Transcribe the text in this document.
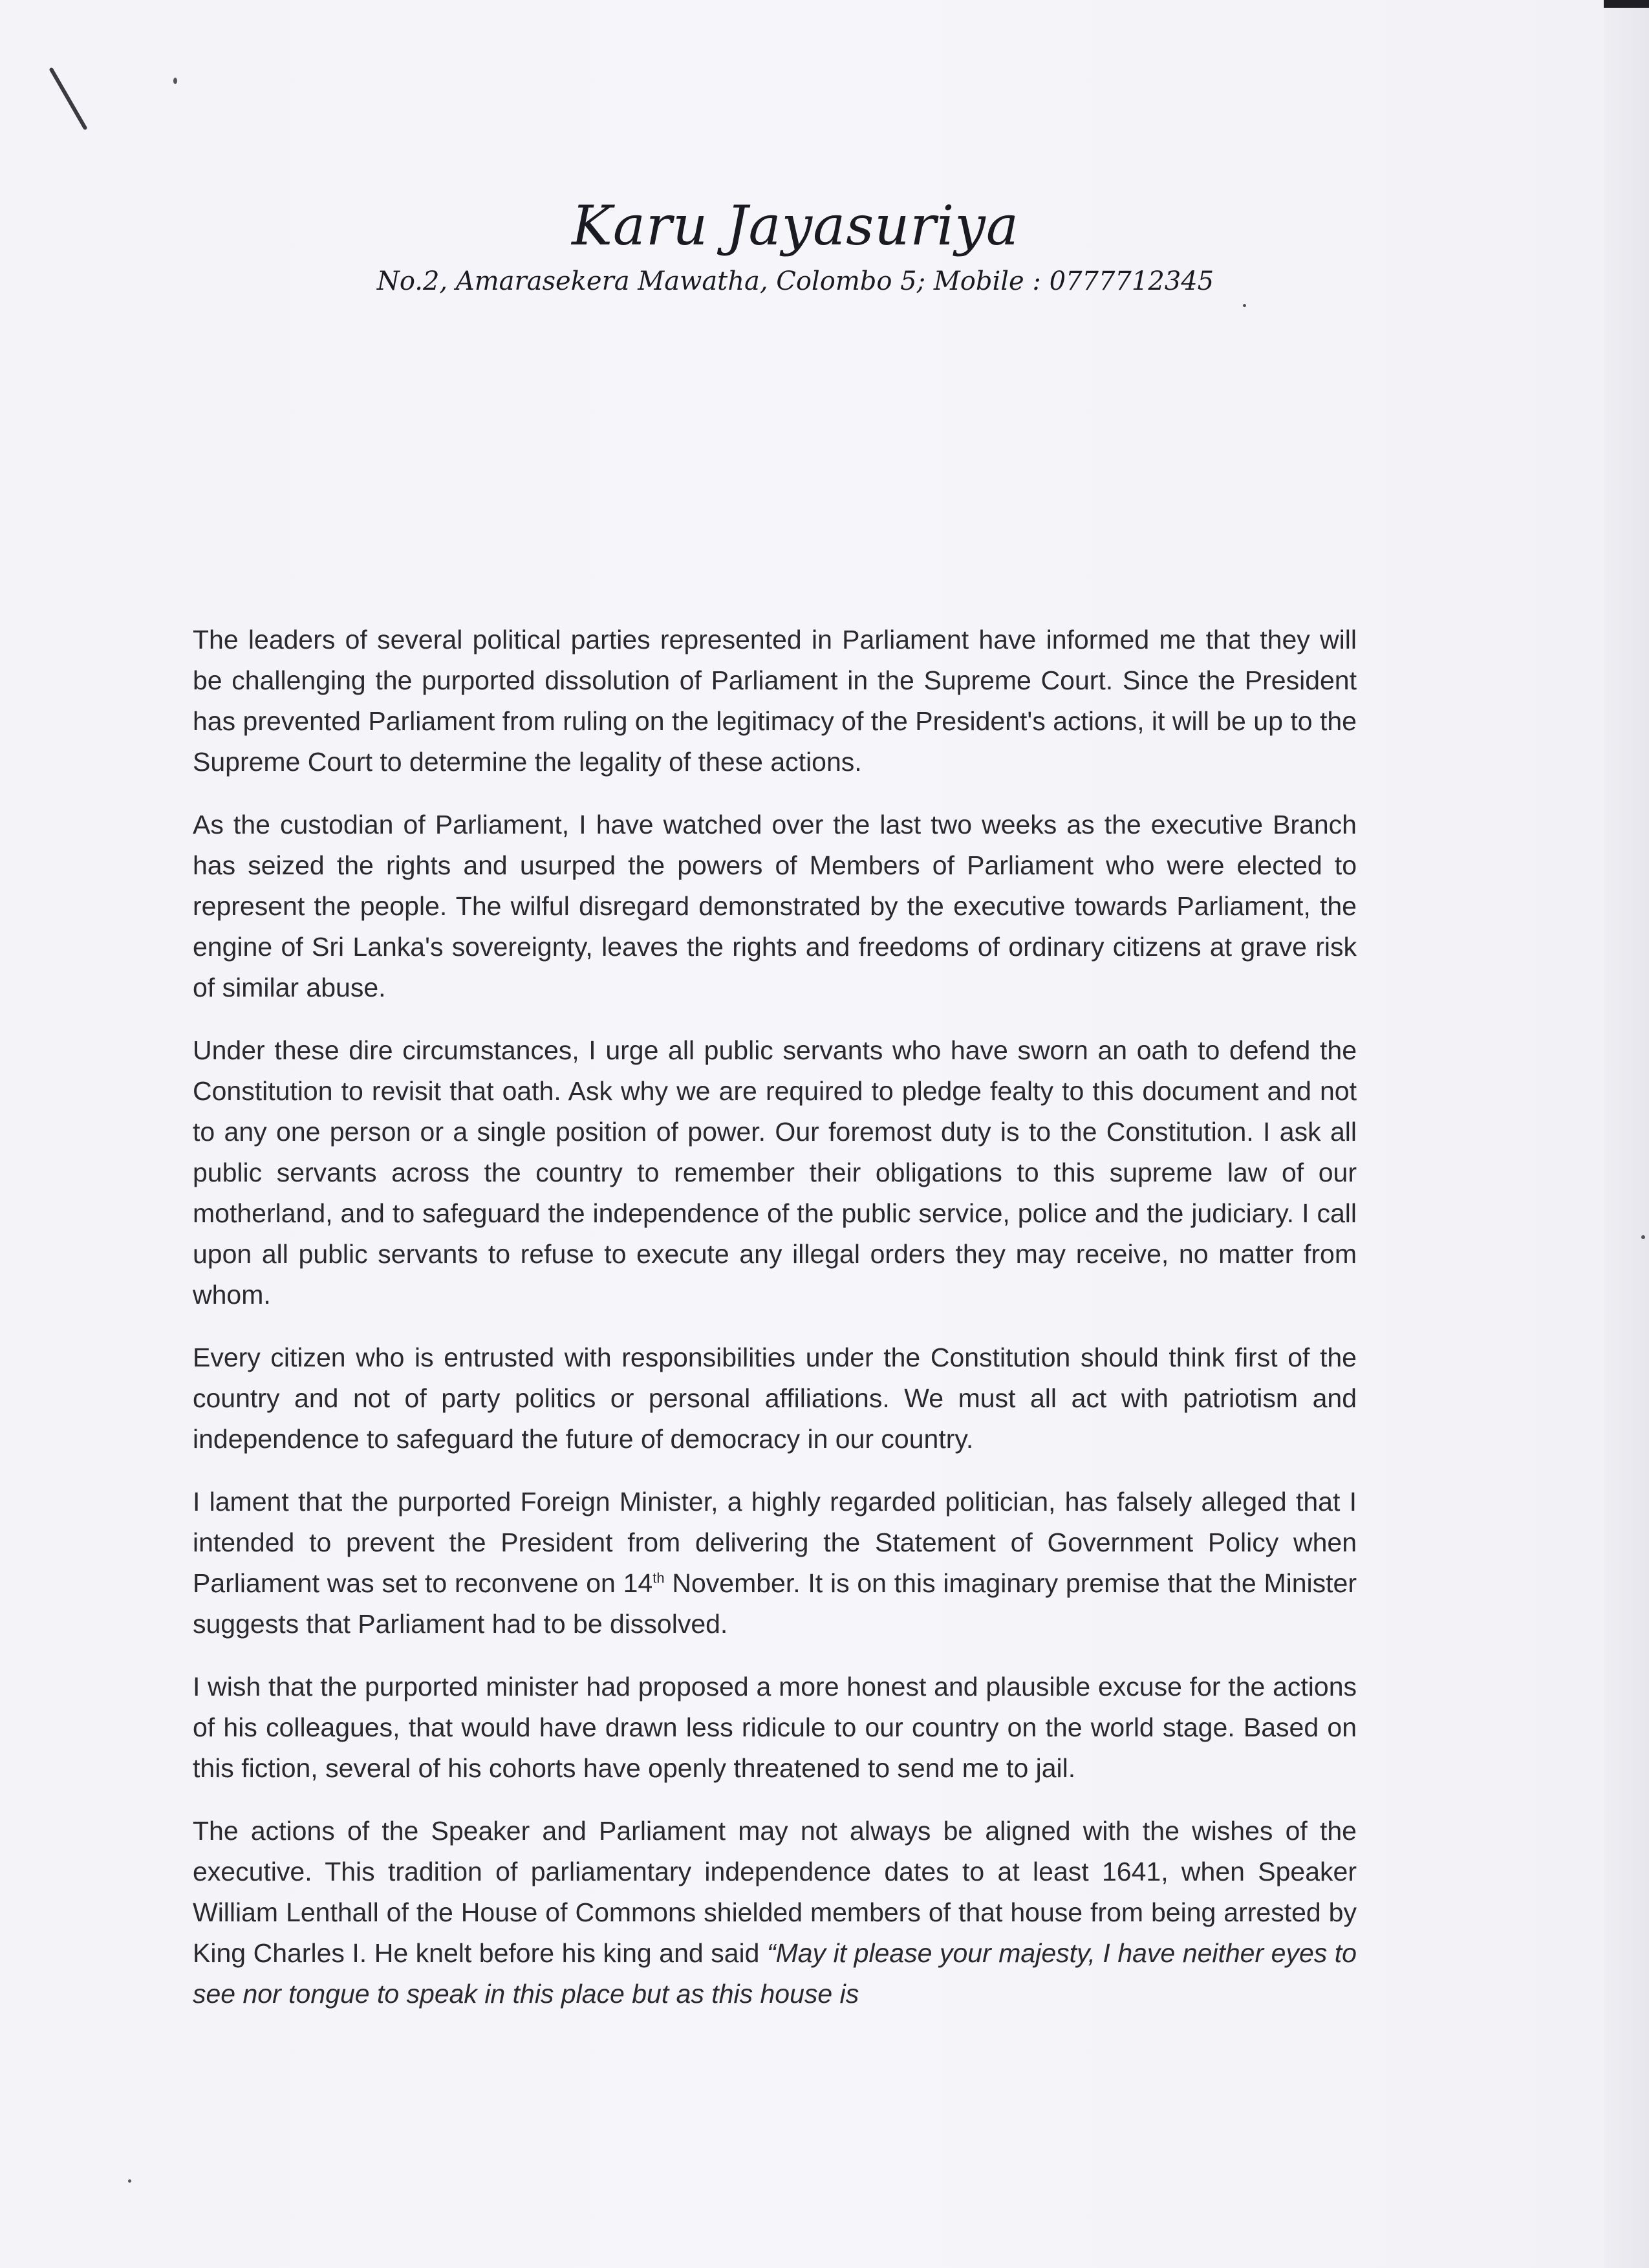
Karu Jayasuriya
No.2, Amarasekera Mawatha, Colombo 5; Mobile : 0777712345

The leaders of several political parties represented in Parliament have informed me that they will be challenging the purported dissolution of Parliament in the Supreme Court. Since the President has prevented Parliament from ruling on the legitimacy of the President's actions, it will be up to the Supreme Court to determine the legality of these actions.

As the custodian of Parliament, I have watched over the last two weeks as the executive Branch has seized the rights and usurped the powers of Members of Parliament who were elected to represent the people. The wilful disregard demonstrated by the executive towards Parliament, the engine of Sri Lanka's sovereignty, leaves the rights and freedoms of ordinary citizens at grave risk of similar abuse.

Under these dire circumstances, I urge all public servants who have sworn an oath to defend the Constitution to revisit that oath. Ask why we are required to pledge fealty to this document and not to any one person or a single position of power. Our foremost duty is to the Constitution. I ask all public servants across the country to remember their obligations to this supreme law of our motherland, and to safeguard the independence of the public service, police and the judiciary. I call upon all public servants to refuse to execute any illegal orders they may receive, no matter from whom.

Every citizen who is entrusted with responsibilities under the Constitution should think first of the country and not of party politics or personal affiliations. We must all act with patriotism and independence to safeguard the future of democracy in our country.

I lament that the purported Foreign Minister, a highly regarded politician, has falsely alleged that I intended to prevent the President from delivering the Statement of Government Policy when Parliament was set to reconvene on 14th November. It is on this imaginary premise that the Minister suggests that Parliament had to be dissolved.

I wish that the purported minister had proposed a more honest and plausible excuse for the actions of his colleagues, that would have drawn less ridicule to our country on the world stage. Based on this fiction, several of his cohorts have openly threatened to send me to jail.

The actions of the Speaker and Parliament may not always be aligned with the wishes of the executive. This tradition of parliamentary independence dates to at least 1641, when Speaker William Lenthall of the House of Commons shielded members of that house from being arrested by King Charles I. He knelt before his king and said “May it please your majesty, I have neither eyes to see nor tongue to speak in this place but as this house is
